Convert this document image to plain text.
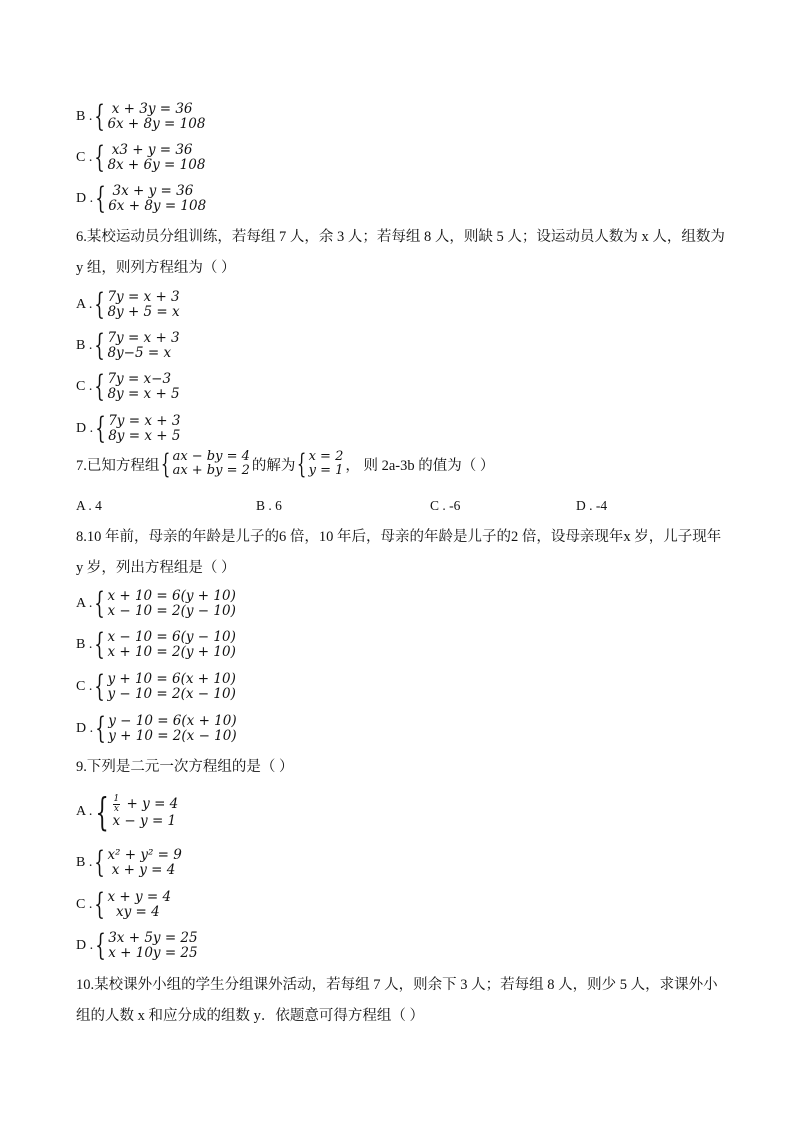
B . { x + 3y = 36
6x + 8y = 108
C . { x3 + y = 36
8x + 6y = 108
D . { 3x + y = 36
6x + 8y = 108
6.某校运动员分组训练，若每组 7 人，余 3 人；若每组 8 人，则缺 5 人；设运动员人数为 x 人，组数为 y 组，则列方程组为（ ）
A . { 7y = x + 3
8y + 5 = x
B . { 7y = x + 3
8y−5 = x
C . { 7y = x−3
8y = x + 5
D . { 7y = x + 3
8y = x + 5
7.已知方程组 { ax − by = 4
ax + by = 2 的解为 { x = 2
y = 1 ， 则 2a-3b 的值为（ ）
A . 4	B . 6	C . -6	D . -4
8.10 年前，母亲的年龄是儿子的6 倍，10 年后，母亲的年龄是儿子的2 倍，设母亲现年x 岁，儿子现年y 岁，列出方程组是（ ）
A . { x + 10 = 6(y + 10)
x − 10 = 2(y − 10)
B . { x − 10 = 6(y − 10)
x + 10 = 2(y + 10)
C . { y + 10 = 6(x + 10)
y − 10 = 2(x − 10)
D . { y − 10 = 6(x + 10)
y + 10 = 2(x − 10)
9.下列是二元一次方程组的是（ ）
A . { $\frac{1}{x} + y = 4$
x − y = 1
B . { x² + y² = 9
x + y = 4
C . { x + y = 4
xy = 4
D . { 3x + 5y = 25
x + 10y = 25
10.某校课外小组的学生分组课外活动，若每组 7 人，则余下 3 人；若每组 8 人，则少 5 人，求课外小组的人数 x 和应分成的组数 y．依题意可得方程组（ ）
